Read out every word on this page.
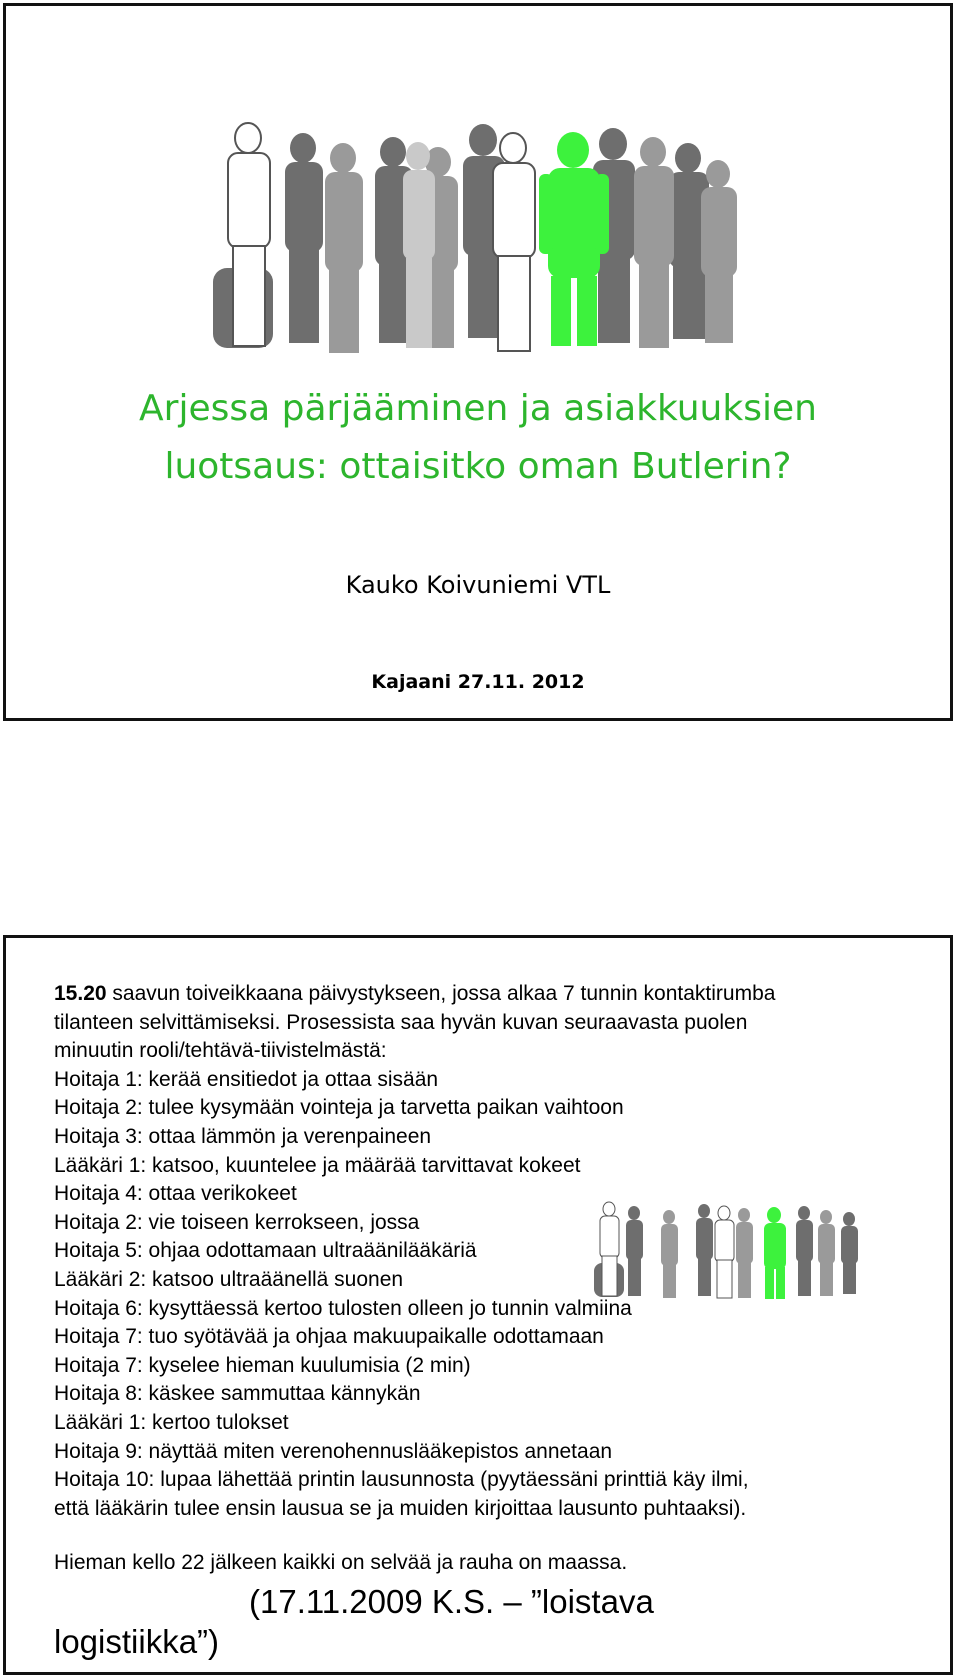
Arjessa pärjääminen ja asiakkuuksien
luotsaus: ottaisitko oman Butlerin?
Kauko Koivuniemi VTL
Kajaani 27.11. 2012
15.20 saavun toiveikkaana päivystykseen, jossa alkaa 7 tunnin kontaktirumba
tilanteen selvittämiseksi. Prosessista saa hyvän kuvan seuraavasta puolen
minuutin rooli/tehtävä-tiivistelmästä:
Hoitaja 1: kerää ensitiedot ja ottaa sisään
Hoitaja 2: tulee kysymään vointeja ja tarvetta paikan vaihtoon
Hoitaja 3: ottaa lämmön ja verenpaineen
Lääkäri 1: katsoo, kuuntelee ja määrää tarvittavat kokeet
Hoitaja 4: ottaa verikokeet
Hoitaja 2: vie toiseen kerrokseen, jossa
Hoitaja 5: ohjaa odottamaan ultraäänilääkäriä
Lääkäri 2: katsoo ultraäänellä suonen
Hoitaja 6: kysyttäessä kertoo tulosten olleen jo tunnin valmiina
Hoitaja 7: tuo syötävää ja ohjaa makuupaikalle odottamaan
Hoitaja 7: kyselee hieman kuulumisia (2 min)
Hoitaja 8: käskee sammuttaa kännykän
Lääkäri 1: kertoo tulokset
Hoitaja 9: näyttää miten verenohennuslääkepistos annetaan
Hoitaja 10: lupaa lähettää printin lausunnosta (pyytäessäni printtiä käy ilmi,
että lääkärin tulee ensin lausua se ja muiden kirjoittaa lausunto puhtaaksi).
Hieman kello 22 jälkeen kaikki on selvää ja rauha on maassa.
(17.11.2009 K.S. – ”loistava
logistiikka”)
